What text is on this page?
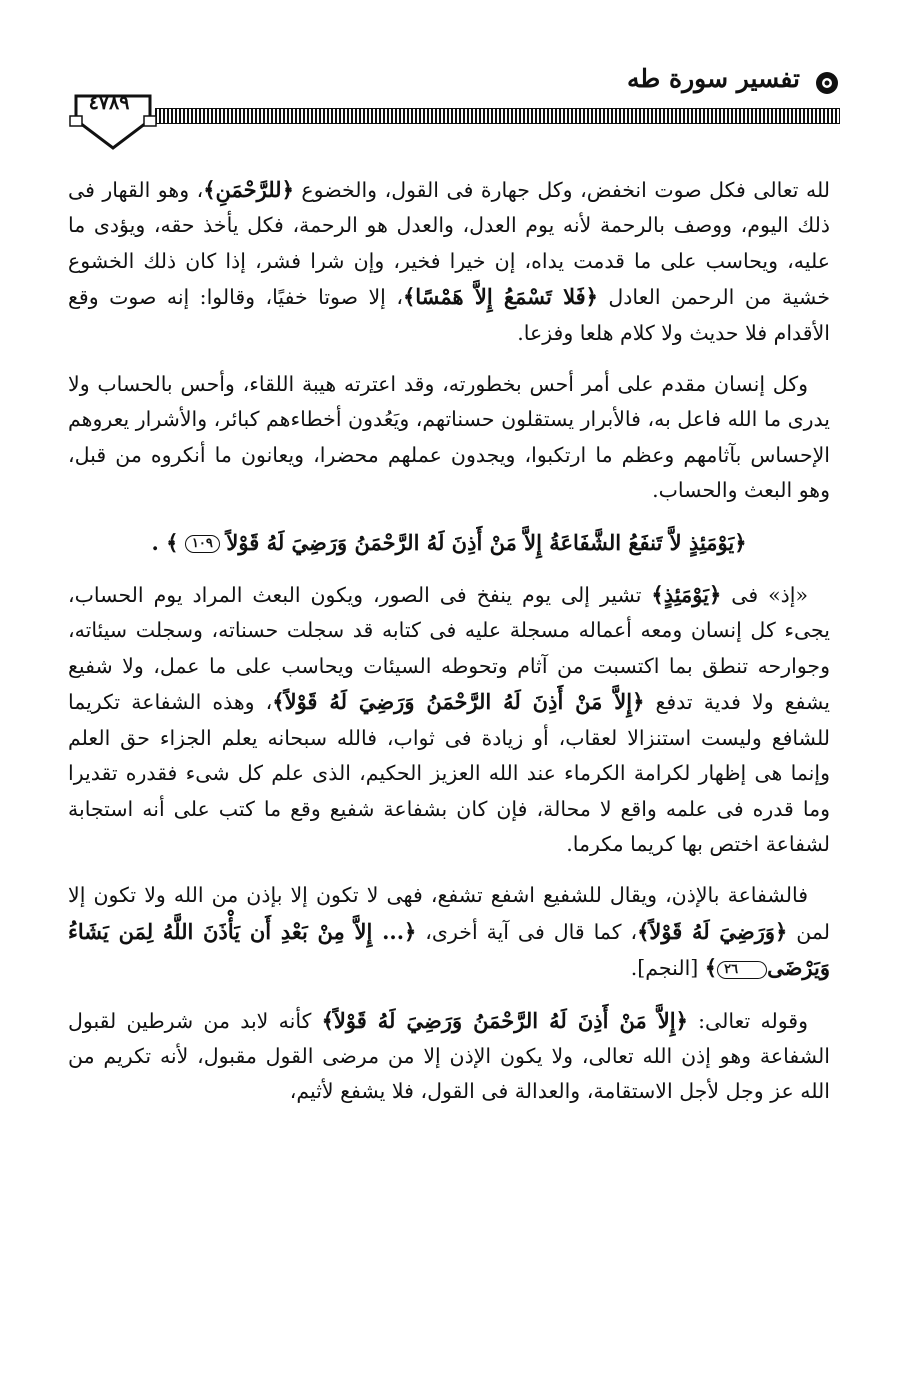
تفسير سورة طه
٤٧٨٩

لله تعالى فكل صوت انخفض، وكل جهارة فى القول، والخضوع ﴿للرَّحْمَنِ﴾، وهو القهار فى ذلك اليوم، ووصف بالرحمة لأنه يوم العدل، والعدل هو الرحمة، فكل يأخذ حقه، ويؤدى ما عليه، ويحاسب على ما قدمت يداه، إن خيرا فخير، وإن شرا فشر، إذا كان ذلك الخشوع خشية من الرحمن العادل ﴿فَلا تَسْمَعُ إِلاَّ هَمْسًا﴾، إلا صوتا خفيًا، وقالوا: إنه صوت وقع الأقدام فلا حديث ولا كلام هلعا وفزعا.

وكل إنسان مقدم على أمر أحس بخطورته، وقد اعترته هيبة اللقاء، وأحس بالحساب ولا يدرى ما الله فاعل به، فالأبرار يستقلون حسناتهم، ويَعُدون أخطاءهم كبائر، والأشرار يعروهم الإحساس بآثامهم وعظم ما ارتكبوا، ويجدون عملهم محضرا، ويعانون ما أنكروه من قبل، وهو البعث والحساب.

﴿يَوْمَئِذٍ لاَّ تَنفَعُ الشَّفَاعَةُ إِلاَّ مَنْ أَذِنَ لَهُ الرَّحْمَنُ وَرَضِيَ لَهُ قَوْلاً ١٠٩ ﴾ .

«إذ» فى ﴿يَوْمَئِذٍ﴾ تشير إلى يوم ينفخ فى الصور، ويكون البعث المراد يوم الحساب، يجىء كل إنسان ومعه أعماله مسجلة عليه فى كتابه قد سجلت حسناته، وسجلت سيئاته، وجوارحه تنطق بما اكتسبت من آثام وتحوطه السيئات ويحاسب على ما عمل، ولا شفيع يشفع ولا فدية تدفع ﴿إِلاَّ مَنْ أَذِنَ لَهُ الرَّحْمَنُ وَرَضِيَ لَهُ قَوْلاً﴾، وهذه الشفاعة تكريما للشافع وليست استنزالا لعقاب، أو زيادة فى ثواب، فالله سبحانه يعلم الجزاء حق العلم وإنما هى إظهار لكرامة الكرماء عند الله العزيز الحكيم، الذى علم كل شىء فقدره تقديرا وما قدره فى علمه واقع لا محالة، فإن كان بشفاعة شفيع وقع ما كتب على أنه استجابة لشفاعة اختص بها كريما مكرما.

فالشفاعة بالإذن، ويقال للشفيع اشفع تشفع، فهى لا تكون إلا بإذن من الله ولا تكون إلا لمن ﴿وَرَضِيَ لَهُ قَوْلاً﴾، كما قال فى آية أخرى، ﴿... إِلاَّ مِنْ بَعْدِ أَن يَأْذَنَ اللَّهُ لِمَن يَشَاءُ وَيَرْضَى٢٦﴾ [النجم].

وقوله تعالى: ﴿إِلاَّ مَنْ أَذِنَ لَهُ الرَّحْمَنُ وَرَضِيَ لَهُ قَوْلاً﴾ كأنه لابد من شرطين لقبول الشفاعة وهو إذن الله تعالى، ولا يكون الإذن إلا من مرضى القول مقبول، لأنه تكريم من الله عز وجل لأجل الاستقامة، والعدالة فى القول، فلا يشفع لأثيم،
